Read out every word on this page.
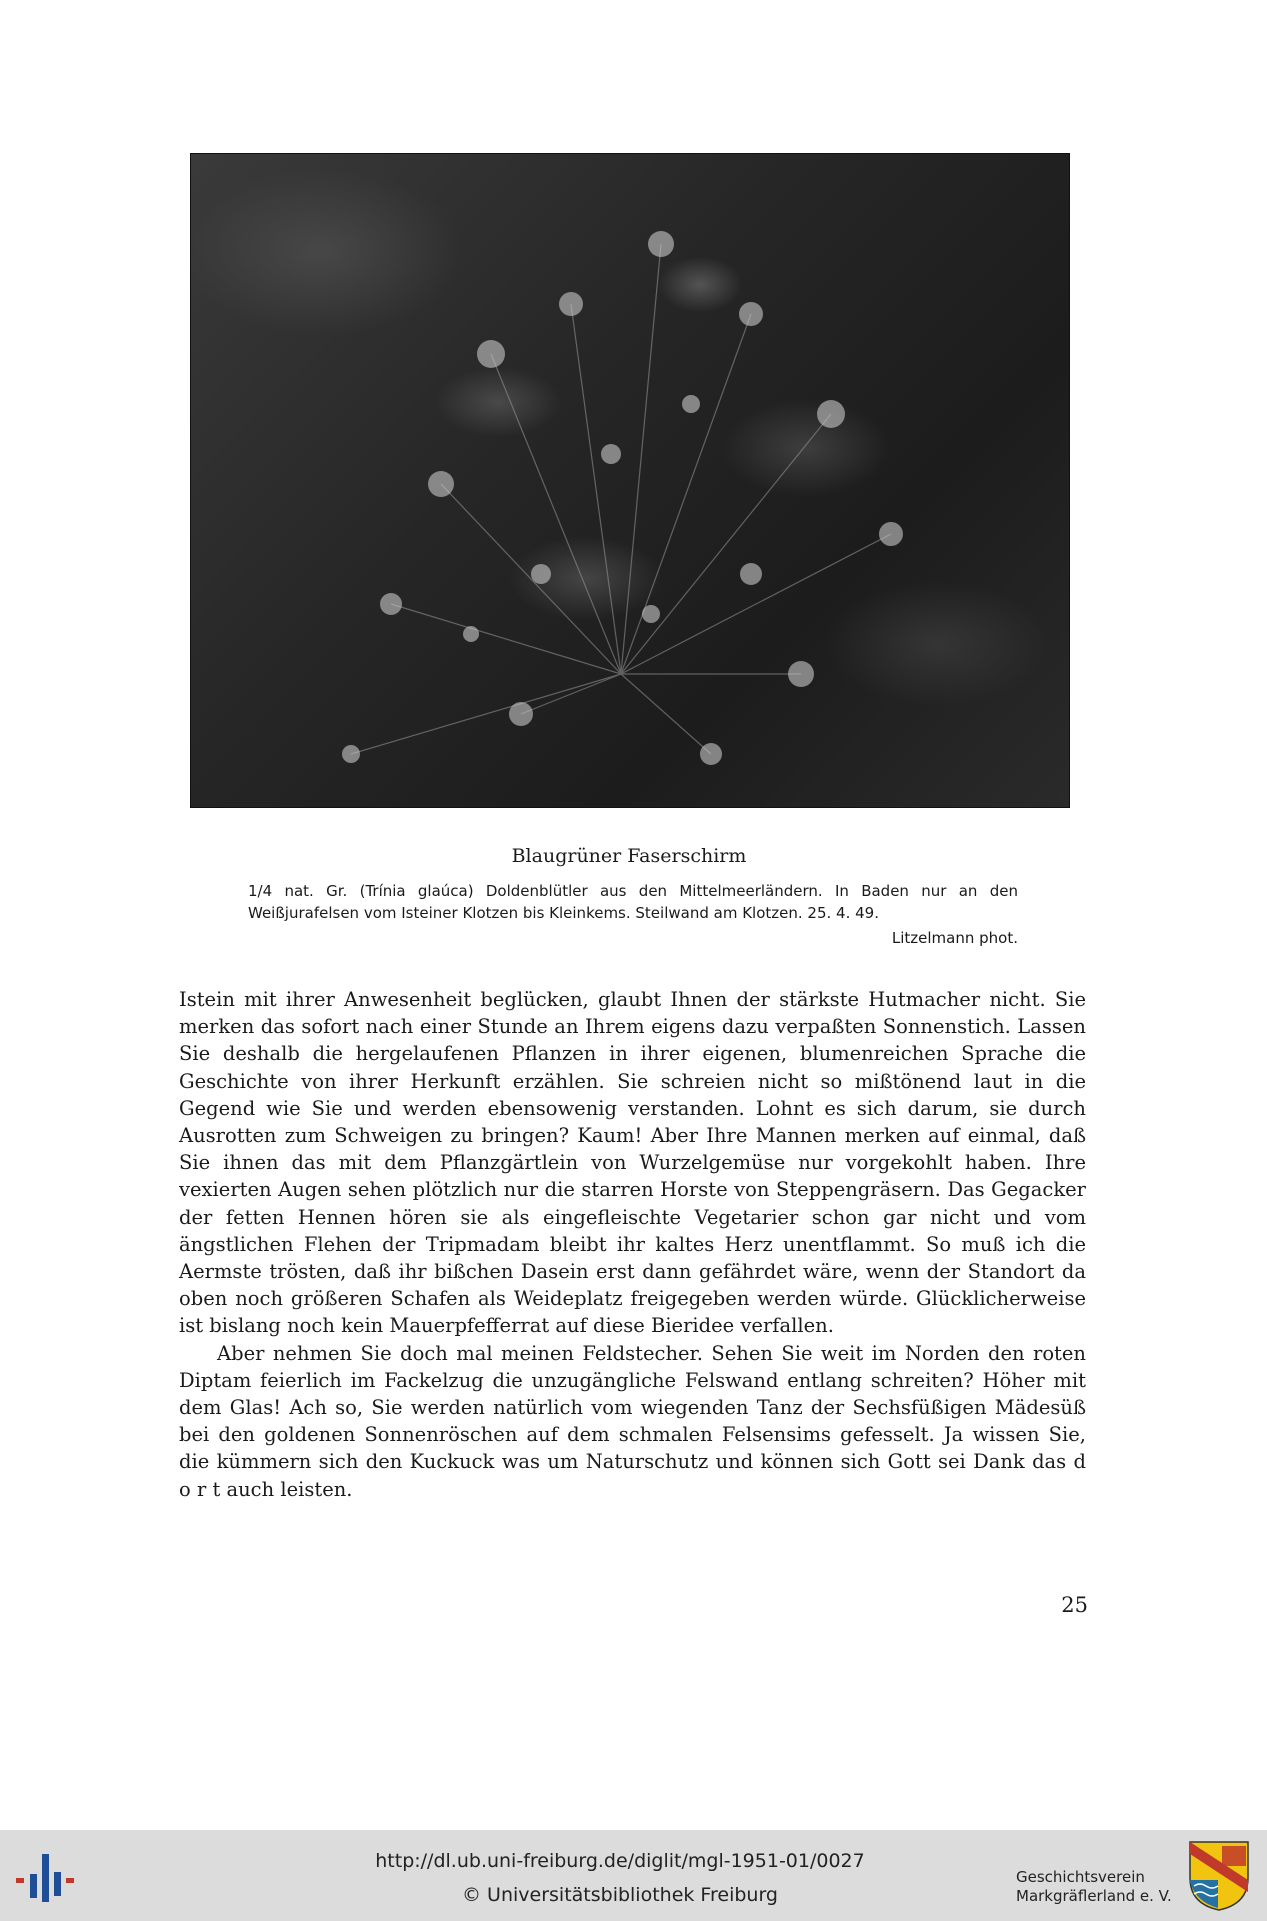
Blaugrüner Faserschirm
1/4 nat. Gr. (Trínia glaúca) Doldenblütler aus den Mittelmeerländern. In Baden nur an den Weißjurafelsen vom Isteiner Klotzen bis Kleinkems. Steilwand am Klotzen. 25. 4. 49.
Litzelmann phot.

Istein mit ihrer Anwesenheit beglücken, glaubt Ihnen der stärkste Hutmacher nicht. Sie merken das sofort nach einer Stunde an Ihrem eigens dazu verpaßten Sonnenstich. Lassen Sie deshalb die hergelaufenen Pflanzen in ihrer eigenen, blumenreichen Sprache die Geschichte von ihrer Herkunft erzählen. Sie schreien nicht so mißtönend laut in die Gegend wie Sie und werden ebensowenig verstanden. Lohnt es sich darum, sie durch Ausrotten zum Schweigen zu bringen? Kaum! Aber Ihre Mannen merken auf einmal, daß Sie ihnen das mit dem Pflanzgärtlein von Wurzelgemüse nur vorgekohlt haben. Ihre vexierten Augen sehen plötzlich nur die starren Horste von Steppengräsern. Das Gegacker der fetten Hennen hören sie als eingefleischte Vegetarier schon gar nicht und vom ängstlichen Flehen der Tripmadam bleibt ihr kaltes Herz unentflammt. So muß ich die Aermste trösten, daß ihr bißchen Dasein erst dann gefährdet wäre, wenn der Standort da oben noch größeren Schafen als Weideplatz freigegeben werden würde. Glücklicherweise ist bislang noch kein Mauerpfefferrat auf diese Bieridee verfallen.

Aber nehmen Sie doch mal meinen Feldstecher. Sehen Sie weit im Norden den roten Diptam feierlich im Fackelzug die unzugängliche Felswand entlang schreiten? Höher mit dem Glas! Ach so, Sie werden natürlich vom wiegenden Tanz der Sechsfüßigen Mädesüß bei den goldenen Sonnenröschen auf dem schmalen Felsensims gefesselt. Ja wissen Sie, die kümmern sich den Kuckuck was um Naturschutz und können sich Gott sei Dank das d o r t auch leisten.

25
http://dl.ub.uni-freiburg.de/diglit/mgl-1951-01/0027
© Universitätsbibliothek Freiburg
Geschichtsverein
Markgräflerland e. V.
